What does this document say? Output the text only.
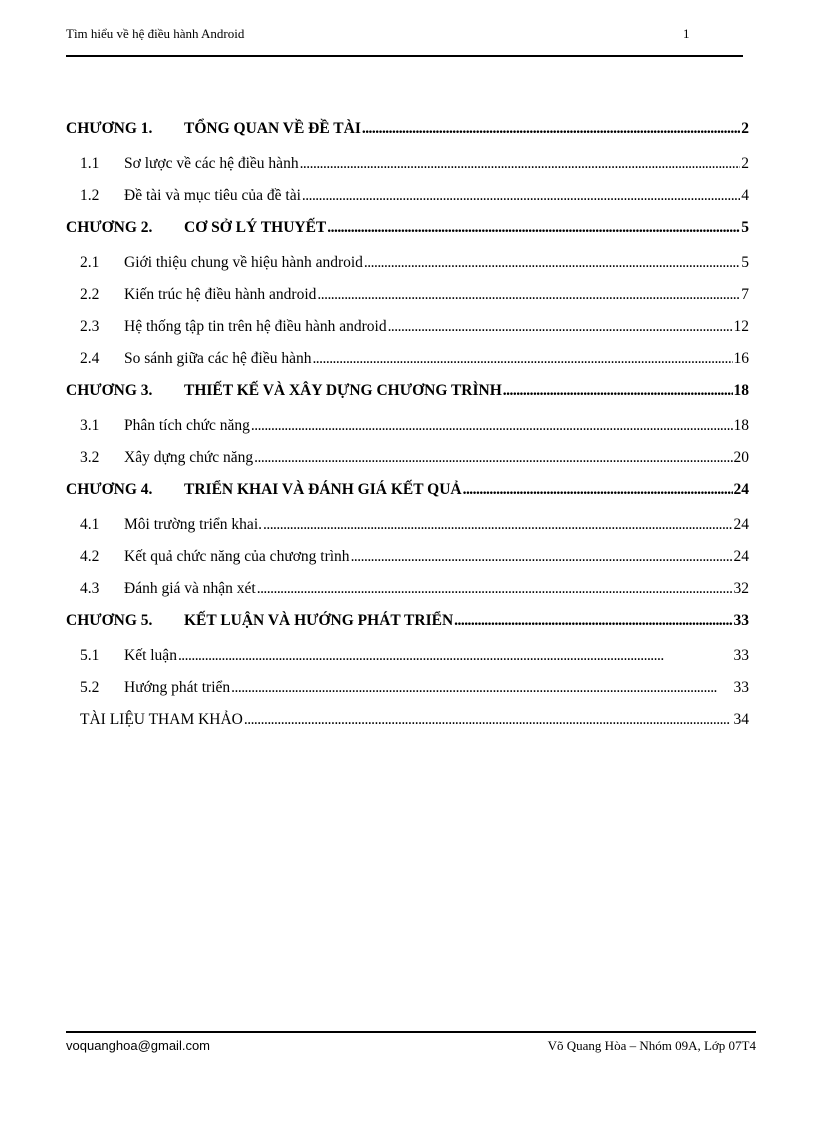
Tìm hiểu về hệ điều hành Android	1
CHƯƠNG 1.	TỔNG QUAN VỀ ĐỀ TÀI . . .	2
1.1	Sơ lược về các hệ điều hành . . .	2
1.2	Đề tài và mục tiêu của đề tài . . .	4
CHƯƠNG 2.	CƠ SỞ LÝ THUYẾT . . .	5
2.1	Giới thiệu chung về hiệu hành android . . .	5
2.2	Kiến trúc hệ điều hành android . . .	7
2.3	Hệ thống tập tin trên hệ điều hành android . . .	12
2.4	So sánh giữa các hệ điều hành . . .	16
CHƯƠNG 3.	THIẾT KẾ VÀ XÂY DỰNG CHƯƠNG TRÌNH . . .	18
3.1	Phân tích chức năng . . .	18
3.2	Xây dựng chức năng . . .	20
CHƯƠNG 4.	TRIỂN KHAI VÀ ĐÁNH GIÁ KẾT QUẢ . . .	24
4.1	Môi trường triển khai. . . .	24
4.2	Kết quả chức năng của chương trình . . .	24
4.3	Đánh giá và nhận xét . . .	32
CHƯƠNG 5.	KẾT LUẬN VÀ HƯỚNG PHÁT TRIỂN . . .	33
5.1	Kết luận . . .	33
5.2	Hướng phát triển . . .	33
TÀI LIỆU THAM KHẢO . . .	34
voquanghoa@gmail.com	Võ Quang Hòa – Nhóm 09A, Lớp 07T4
